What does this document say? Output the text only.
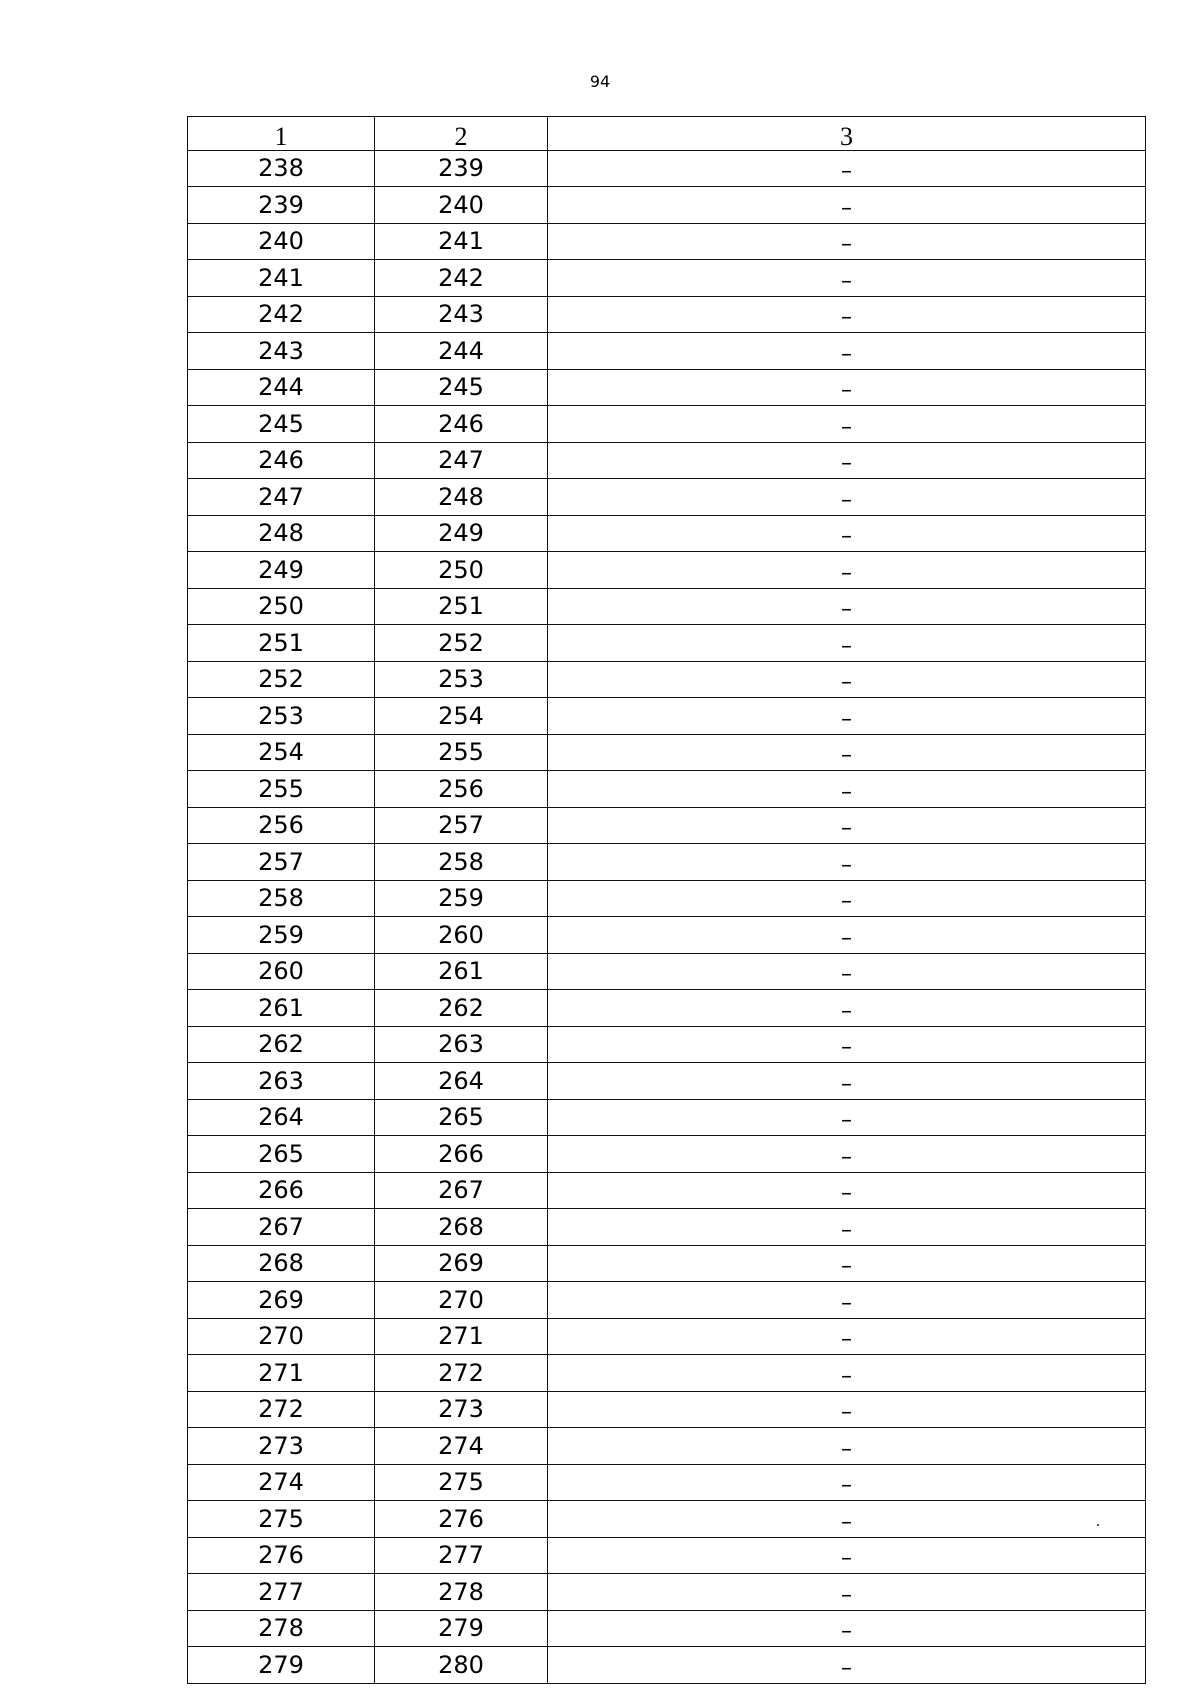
94
1	2	3
238	239	–
239	240	–
240	241	–
241	242	–
242	243	–
243	244	–
244	245	–
245	246	–
246	247	–
247	248	–
248	249	–
249	250	–
250	251	–
251	252	–
252	253	–
253	254	–
254	255	–
255	256	–
256	257	–
257	258	–
258	259	–
259	260	–
260	261	–
261	262	–
262	263	–
263	264	–
264	265	–
265	266	–
266	267	–
267	268	–
268	269	–
269	270	–
270	271	–
271	272	–
272	273	–
273	274	–
274	275	–
275	276	–
276	277	–
277	278	–
278	279	–
279	280	–
